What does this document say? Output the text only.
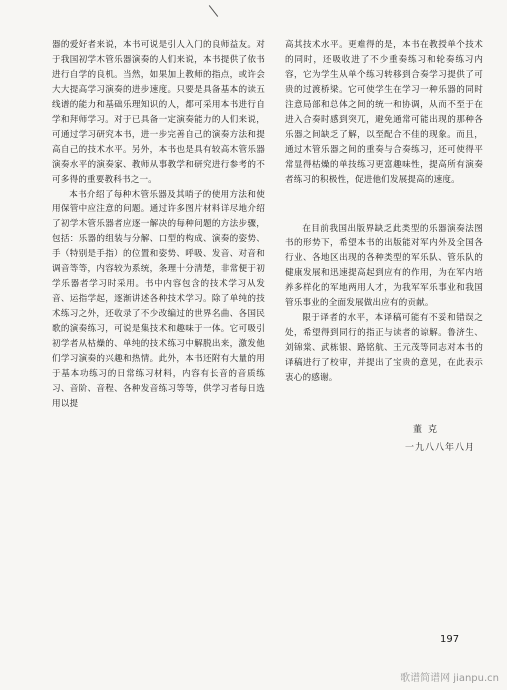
器的爱好者来说，本书可说是引人入门的良师益友。对于我国初学木管乐器演奏的人们来说，本书提供了依书进行自学的良机。当然，如果加上教师的指点，或许会大大提高学习演奏的进步速度。只要是具备基本的读五线谱的能力和基础乐理知识的人，都可采用本书进行自学和拜师学习。对于已具备一定演奏能力的人们来说，可通过学习研究本书，进一步完善自己的演奏方法和提高自己的技术水平。另外，本书也是具有较高木管乐器演奏水平的演奏家、教师从事教学和研究进行参考的不可多得的重要教科书之一。

本书介绍了每种木管乐器及其哨子的使用方法和使用保管中应注意的问题。通过许多图片材料详尽地介绍了初学木管乐器者应逐一解决的每种问题的方法步骤，包括：乐器的组装与分解、口型的构成、演奏的姿势、手（特别是手指）的位置和姿势、呼吸、发音、对音和调音等等，内容较为系统，条理十分清楚，非常便于初学乐器者学习时采用。书中内容包含的技术学习从发音、运指学起，逐渐讲述各种技术学习。除了单纯的技术练习之外，还收录了不少改编过的世界名曲、各国民歌的演奏练习，可说是集技术和趣味于一体。它可吸引初学者从枯燥的、单纯的技术练习中解脱出来，激发他们学习演奏的兴趣和热情。此外，本书还附有大量的用于基本功练习的日常练习材料，内容有长音的音质练习、音阶、音程、各种发音练习等等，供学习者每日选用以提

高其技术水平。更难得的是，本书在教授单个技术的同时，还吸收进了不少重奏练习和轮奏练习内容，它为学生从单个练习转移到合奏学习提供了可贵的过渡桥梁。它可使学生在学习一种乐器的同时注意局部和总体之间的统一和协调，从而不至于在进入合奏时感到突兀，避免通常可能出现的那种各乐器之间缺乏了解，以至配合不佳的现象。而且，通过木管乐器之间的重奏与合奏练习，还可使得平常显得枯燥的单技练习更富趣味性，提高所有演奏者练习的积极性，促进他们发展提高的速度。

在目前我国出版界缺乏此类型的乐器演奏法图书的形势下，希望本书的出版能对军内外及全国各行业、各地区出现的各种类型的军乐队、管乐队的健康发展和迅速提高起到应有的作用，为在军内培养多样化的军地两用人才，为我军军乐事业和我国管乐事业的全面发展做出应有的贡献。

限于译者的水平，本译稿可能有不妥和错误之处，希望得到同行的指正与读者的谅解。鲁济生、刘锦棠、武栋银、路铭航、王元茂等同志对本书的译稿进行了校审，并提出了宝贵的意见，在此表示衷心的感谢。

董克
一九八八年八月
197
歌谱简谱网 jianpu.cn
